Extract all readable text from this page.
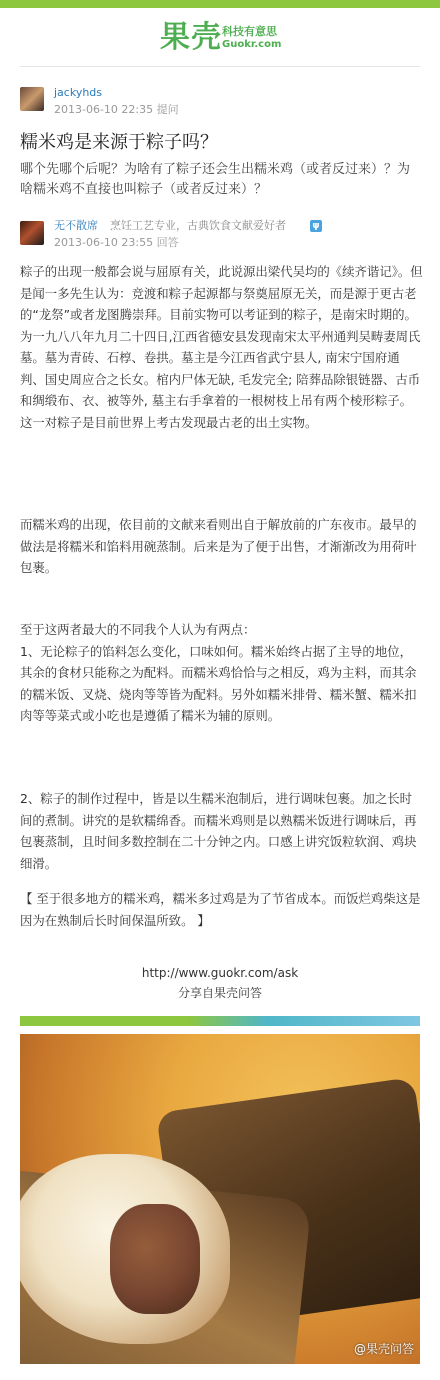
果壳 科技有意思
Guokr.com
jackyhds
2013-06-10 22:35 提问
糯米鸡是来源于粽子吗？
哪个先哪个后呢？为啥有了粽子还会生出糯米鸡（或者反过来）？为啥糯米鸡不直接也叫粽子（或者反过来）？
无不散席 烹饪工艺专业，古典饮食文献爱好者	ψ
2013-06-10 23:55 回答
粽子的出现一般都会说与屈原有关，此说源出梁代吴均的《续齐谐记》。但是闻一多先生认为：竞渡和粽子起源都与祭奠屈原无关，而是源于更古老的“龙祭”或者龙图腾崇拜。目前实物可以考证到的粽子，是南宋时期的。为一九八八年九月二十四日,江西省德安县发现南宋太平州通判吴畴妻周氏墓。墓为青砖、石椁、卷拱。墓主是今江西省武宁县人, 南宋宁国府通判、国史周应合之长女。棺内尸体无缺, 毛发完全; 陪葬品除银链器、古币和绸缎布、衣、被等外, 墓主右手拿着的一根树枝上吊有两个棱形粽子。这一对粽子是目前世界上考古发现最古老的出土实物。
而糯米鸡的出现，依目前的文献来看则出自于解放前的广东夜市。最早的做法是将糯米和馅料用碗蒸制。后来是为了便于出售，才渐渐改为用荷叶包裹。
至于这两者最大的不同我个人认为有两点：
1、无论粽子的馅料怎么变化，口味如何。糯米始终占据了主导的地位，其余的食材只能称之为配料。而糯米鸡恰恰与之相反，鸡为主料，而其余的糯米饭、叉烧、烧肉等等皆为配料。另外如糯米排骨、糯米蟹、糯米扣肉等等菜式或小吃也是遵循了糯米为辅的原则。
2、粽子的制作过程中，皆是以生糯米泡制后，进行调味包裹。加之长时间的煮制。讲究的是软糯绵香。而糯米鸡则是以熟糯米饭进行调味后，再包裹蒸制，且时间多数控制在二十分钟之内。口感上讲究饭粒软润、鸡块细滑。
【 至于很多地方的糯米鸡，糯米多过鸡是为了节省成本。而饭烂鸡柴这是因为在熟制后长时间保温所致。 】
http://www.guokr.com/ask
分享自果壳问答
@果壳问答
